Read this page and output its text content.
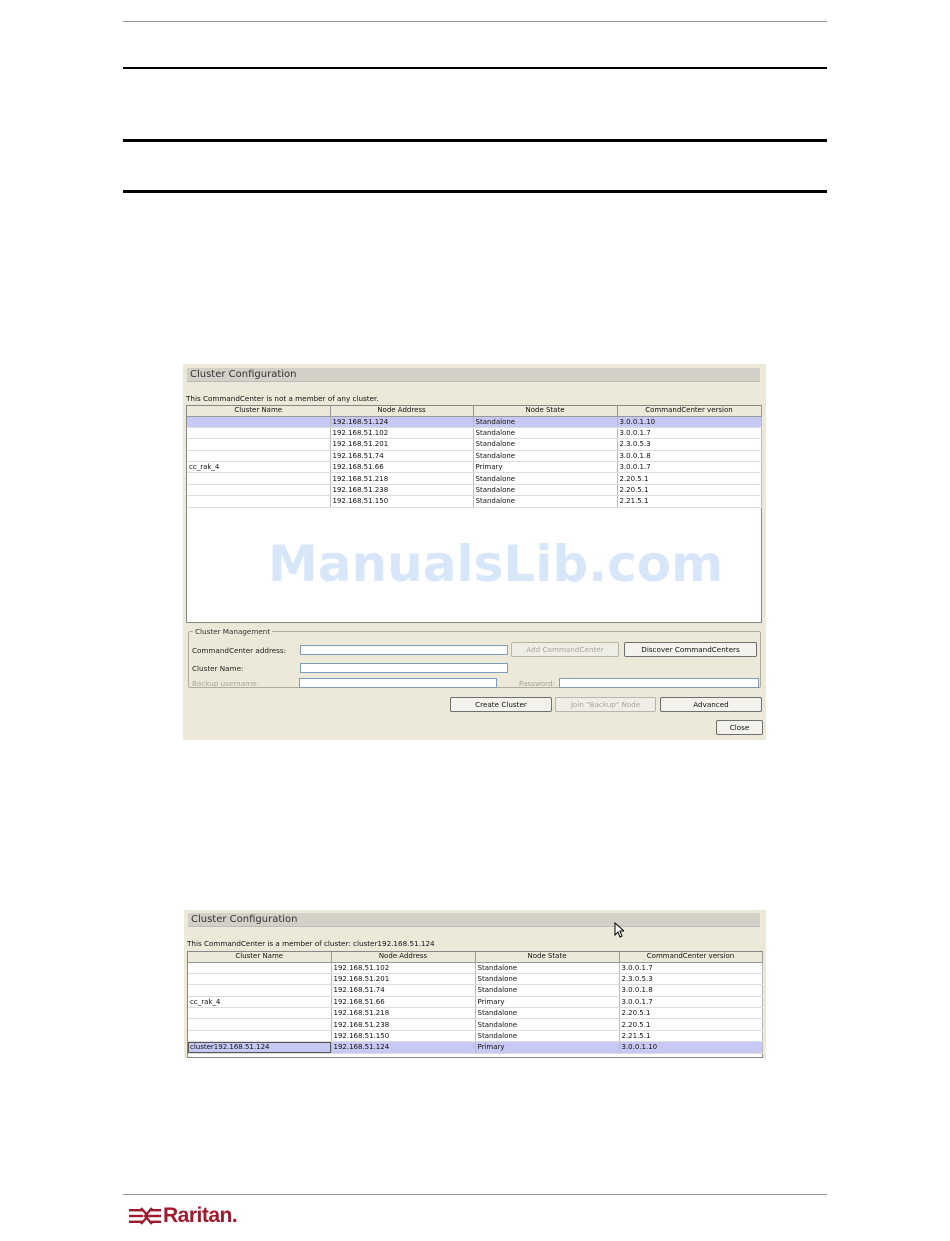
Cluster Configuration
This CommandCenter is not a member of any cluster.
Cluster Name	Node Address	Node State	CommandCenter version
	192.168.51.124	Standalone	3.0.0.1.10
	192.168.51.102	Standalone	3.0.0.1.7
	192.168.51.201	Standalone	2.3.0.5.3
	192.168.51.74	Standalone	3.0.0.1.8
cc_rak_4	192.168.51.66	Primary	3.0.0.1.7
	192.168.51.218	Standalone	2.20.5.1
	192.168.51.238	Standalone	2.20.5.1
	192.168.51.150	Standalone	2.21.5.1
Cluster Management
CommandCenter address:	Add CommandCenter	Discover CommandCenters
Cluster Name:
Backup username:	Password:
Create Cluster	Join "Backup" Node	Advanced
Close
ManualsLib.com
Cluster Configuration
This CommandCenter is a member of cluster: cluster192.168.51.124
Cluster Name	Node Address	Node State	CommandCenter version
	192.168.51.102	Standalone	3.0.0.1.7
	192.168.51.201	Standalone	2.3.0.5.3
	192.168.51.74	Standalone	3.0.0.1.8
cc_rak_4	192.168.51.66	Primary	3.0.0.1.7
	192.168.51.218	Standalone	2.20.5.1
	192.168.51.238	Standalone	2.20.5.1
	192.168.51.150	Standalone	2.21.5.1
cluster192.168.51.124	192.168.51.124	Primary	3.0.0.1.10
Raritan.
